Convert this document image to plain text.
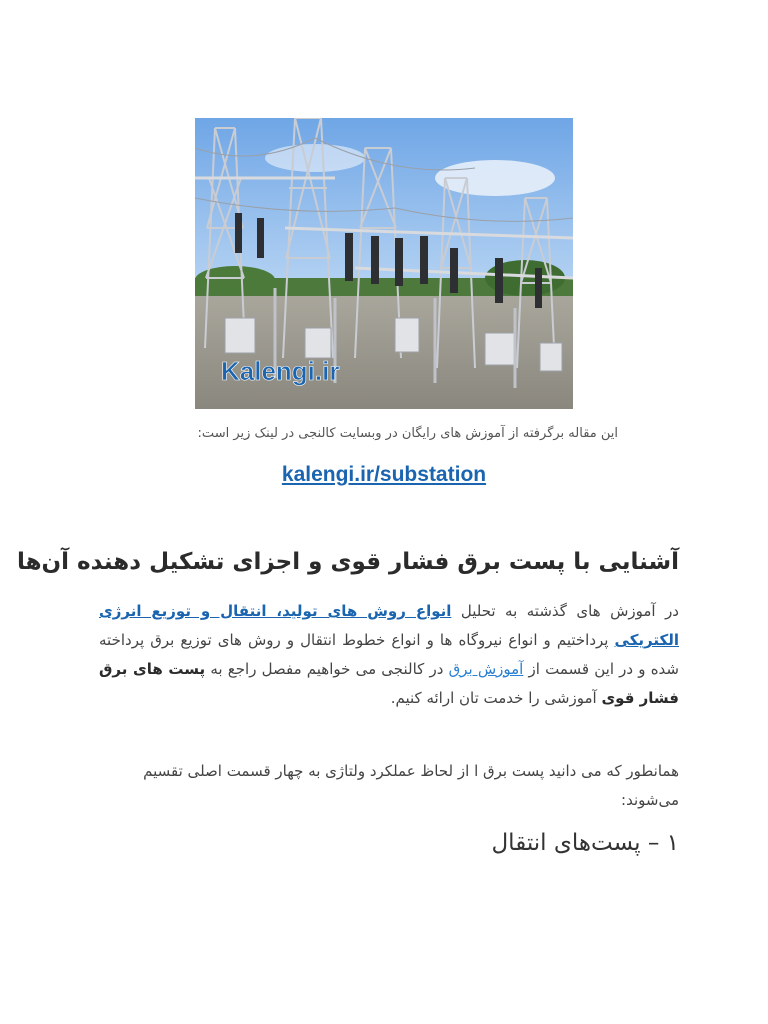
Kalengi.ir
این مقاله برگرفته از آموزش های رایگان در وبسایت کالنجی در لینک زیر است:
kalengi.ir/substation
آشنایی با پست برق فشار قوی و اجزای تشکیل دهنده آن‌ها

در آموزش های گذشته به تحلیل انواع روش های تولید، انتقال و توزیع انرژی الکتریکی پرداختیم و انواع نیروگاه ها و انواع خطوط انتقال و روش های توزیع برق پرداخته شده و در این قسمت از آموزش برق در کالنجی می خواهیم مفصل راجع به پست های برق فشار قوی آموزشی را خدمت تان ارائه کنیم.

همانطور که می دانید پست برق ا از لحاظ عملکرد ولتاژی به چهار قسمت اصلی تقسیم می‌شوند:

۱ – پست‌های انتقال
